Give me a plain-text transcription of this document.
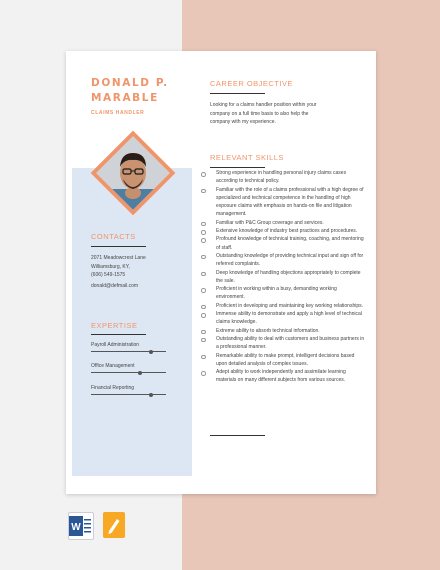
DONALD P. MARABLE
CLAIMS HANDLER
CONTACTS
2071 Meadowcrest Lane Williamsburg, KY,
(606) 549-1575
donald@defmail.com
EXPERTISE
Payroll Administration
Office Management
Financial Reporting
CAREER OBJECTIVE
Looking for a claims handler position within your company on a full time basis to also help the company with my experience.
RELEVANT SKILLS
Strong experience in handling personal injury claims cases according to technical policy.
Familiar with the role of a claims professional with a high degree of specialized and technical competence in the handling of high exposure claims with emphasis on hands-on file and litigation management.
Familiar with P&C Group coverage and services.
Extensive knowledge of industry best practices and procedures.
Profound knowledge of technical training, coaching, and mentoring of staff.
Outstanding knowledge of providing technical input and sign off for referred complaints.
Deep knowledge of handling objections appropriately to complete the sale.
Proficient in working within a busy, demanding working environment.
Proficient in developing and maintaining key working relationships.
Immense ability to demonstrate and apply a high level of technical claims knowledge.
Extreme ability to absorb technical information.
Outstanding ability to deal with customers and business partners in a professional manner.
Remarkable ability to make prompt, intelligent decisions based upon detailed analysis of complex issues.
Adept ability to work independently and assimilate learning materials on many different subjects from various sources.
W
